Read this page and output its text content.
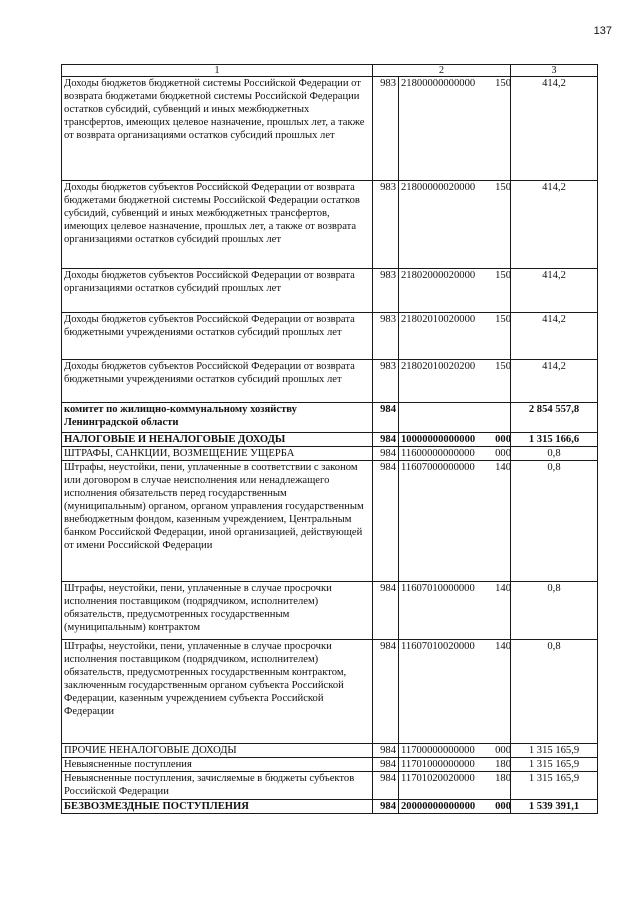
137
1	2		3
Доходы бюджетов бюджетной системы Российской Федерации от возврата бюджетами бюджетной системы Российской Федерации остатков субсидий, субвенций и иных межбюджетных трансфертов, имеющих целевое назначение, прошлых лет, а также от возврата организациями остатков субсидий прошлых лет	983	21800000000000 150	414,2
Доходы бюджетов субъектов Российской Федерации от возврата бюджетами бюджетной системы Российской Федерации остатков субсидий, субвенций и иных межбюджетных трансфертов, имеющих целевое назначение, прошлых лет, а также от возврата организациями остатков субсидий прошлых лет	983	21800000020000 150	414,2
Доходы бюджетов субъектов Российской Федерации от возврата организациями остатков субсидий прошлых лет	983	21802000020000 150	414,2
Доходы бюджетов субъектов Российской Федерации от возврата бюджетными учреждениями остатков субсидий прошлых лет	983	21802010020000 150	414,2
Доходы бюджетов субъектов Российской Федерации от возврата бюджетными учреждениями остатков субсидий прошлых лет	983	21802010020200 150	414,2
комитет по жилищно-коммунальному хозяйству Ленинградской области	984		2 854 557,8
НАЛОГОВЫЕ И НЕНАЛОГОВЫЕ ДОХОДЫ	984	10000000000000 000	1 315 166,6
ШТРАФЫ, САНКЦИИ, ВОЗМЕЩЕНИЕ УЩЕРБА	984	11600000000000 000	0,8
Штрафы, неустойки, пени, уплаченные в соответствии с законом или договором в случае неисполнения или ненадлежащего исполнения обязательств перед государственным (муниципальным) органом, органом управления государственным внебюджетным фондом, казенным учреждением, Центральным банком Российской Федерации, иной организацией, действующей от имени Российской Федерации	984	11607000000000 140	0,8
Штрафы, неустойки, пени, уплаченные в случае просрочки исполнения поставщиком (подрядчиком, исполнителем) обязательств, предусмотренных государственным (муниципальным) контрактом	984	11607010000000 140	0,8
Штрафы, неустойки, пени, уплаченные в случае просрочки исполнения поставщиком (подрядчиком, исполнителем) обязательств, предусмотренных государственным контрактом, заключенным государственным органом субъекта Российской Федерации, казенным учреждением субъекта Российской Федерации	984	11607010020000 140	0,8
ПРОЧИЕ НЕНАЛОГОВЫЕ ДОХОДЫ	984	11700000000000 000	1 315 165,9
Невыясненные поступления	984	11701000000000 180	1 315 165,9
Невыясненные поступления, зачисляемые в бюджеты субъектов Российской Федерации	984	11701020020000 180	1 315 165,9
БЕЗВОЗМЕЗДНЫЕ ПОСТУПЛЕНИЯ	984	20000000000000 000	1 539 391,1
